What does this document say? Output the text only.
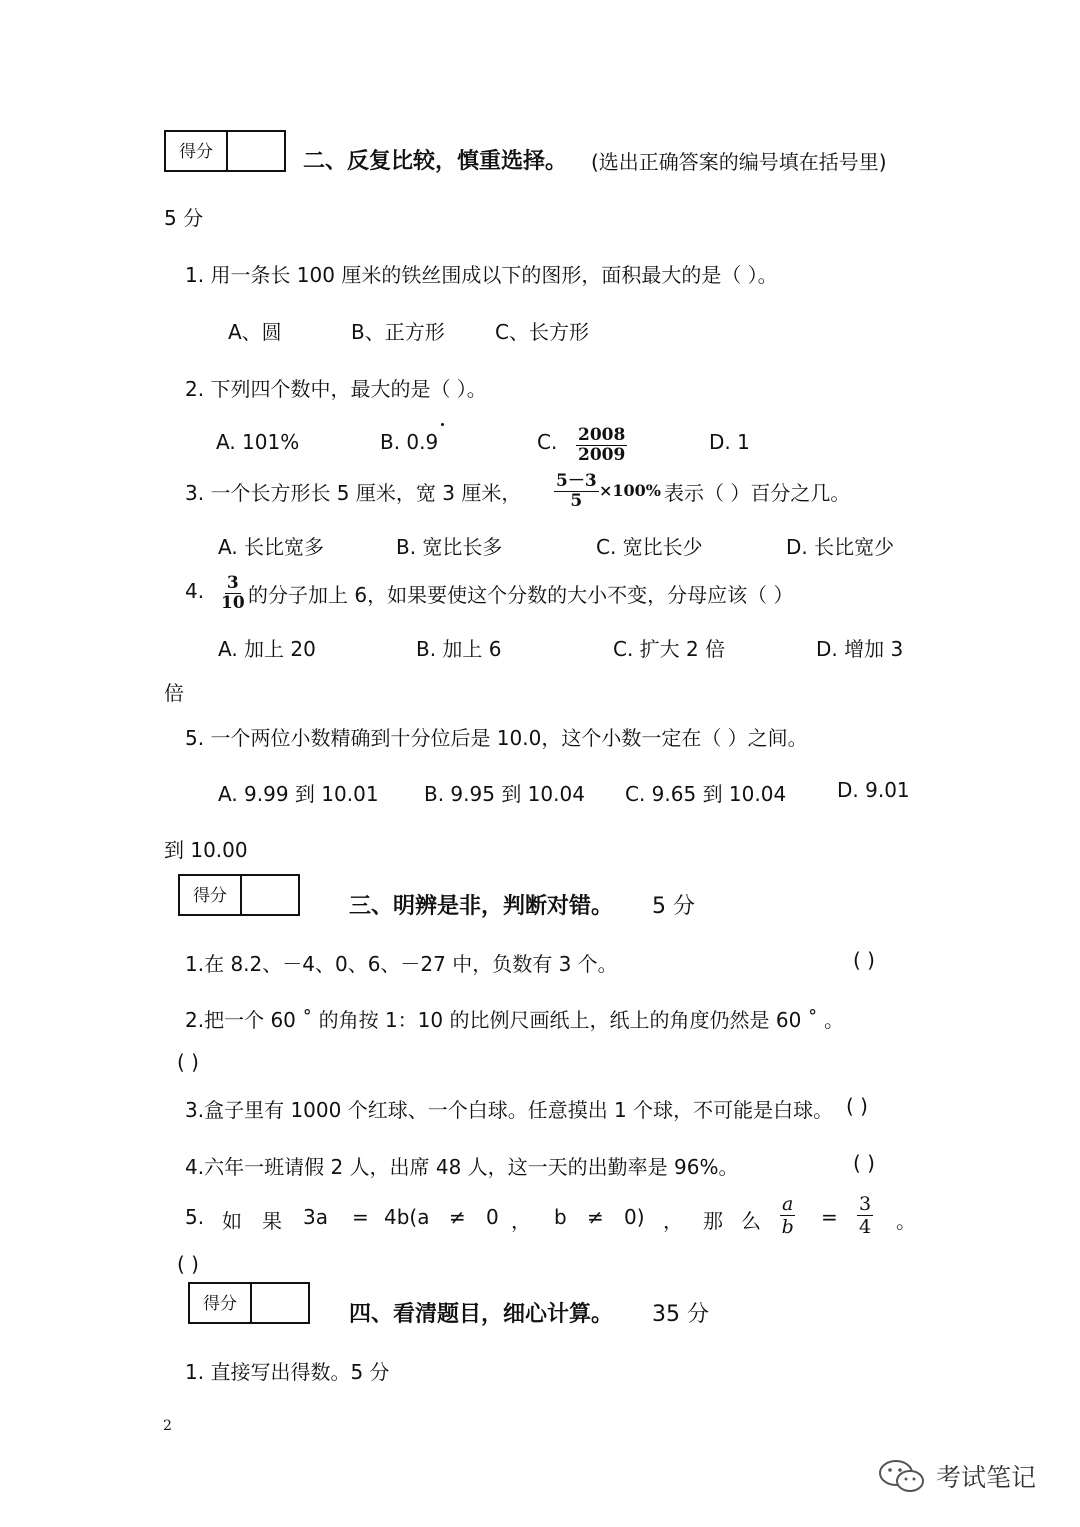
得分	二、反复比较，慎重选择。 (选出正确答案的编号填在括号里)
5 分
1. 用一条长 100 厘米的铁丝围成以下的图形，面积最大的是（ ）。
A、圆	B、正方形	C、长方形
2. 下列四个数中，最大的是（ ）。
A. 101%	B. 0.9	C. $\frac{2008}{2009}$	D. 1
3. 一个长方形长 5 厘米，宽 3 厘米， $\frac{5-3}{5} \times 100\%$ 表示（ ）百分之几。
A. 长比宽多	B. 宽比长多	C. 宽比长少	D. 长比宽少
4. $\frac{3}{10}$ 的分子加上 6，如果要使这个分数的大小不变，分母应该（ ）
A. 加上 20	B. 加上 6	C. 扩大 2 倍	D. 增加 3
倍
5. 一个两位小数精确到十分位后是 10.0，这个小数一定在（ ）之间。
A. 9.99 到 10.01 B. 9.95 到 10.04 C. 9.65 到 10.04	D. 9.01
到 10.00
得分	三、明辨是非，判断对错。 5 分
1.在 8.2、－4、0、6、－27 中，负数有 3 个。	( )
2.把一个 60 ˚ 的角按 1：10 的比例尺画纸上，纸上的角度仍然是 60 ˚ 。
( )
3.盒子里有 1000 个红球、一个白球。任意摸出 1 个球，不可能是白球。 ( )
4.六年一班请假 2 人，出席 48 人，这一天的出勤率是 96%。	( )
5. 如 果 3a = 4b(a ≠ 0 ， b ≠ 0) ， 那 么 $\frac{a}{b} = \frac{3}{4}$ 。
( )
得分	四、看清题目，细心计算。 35 分
1. 直接写出得数。5 分
2
考试笔记
